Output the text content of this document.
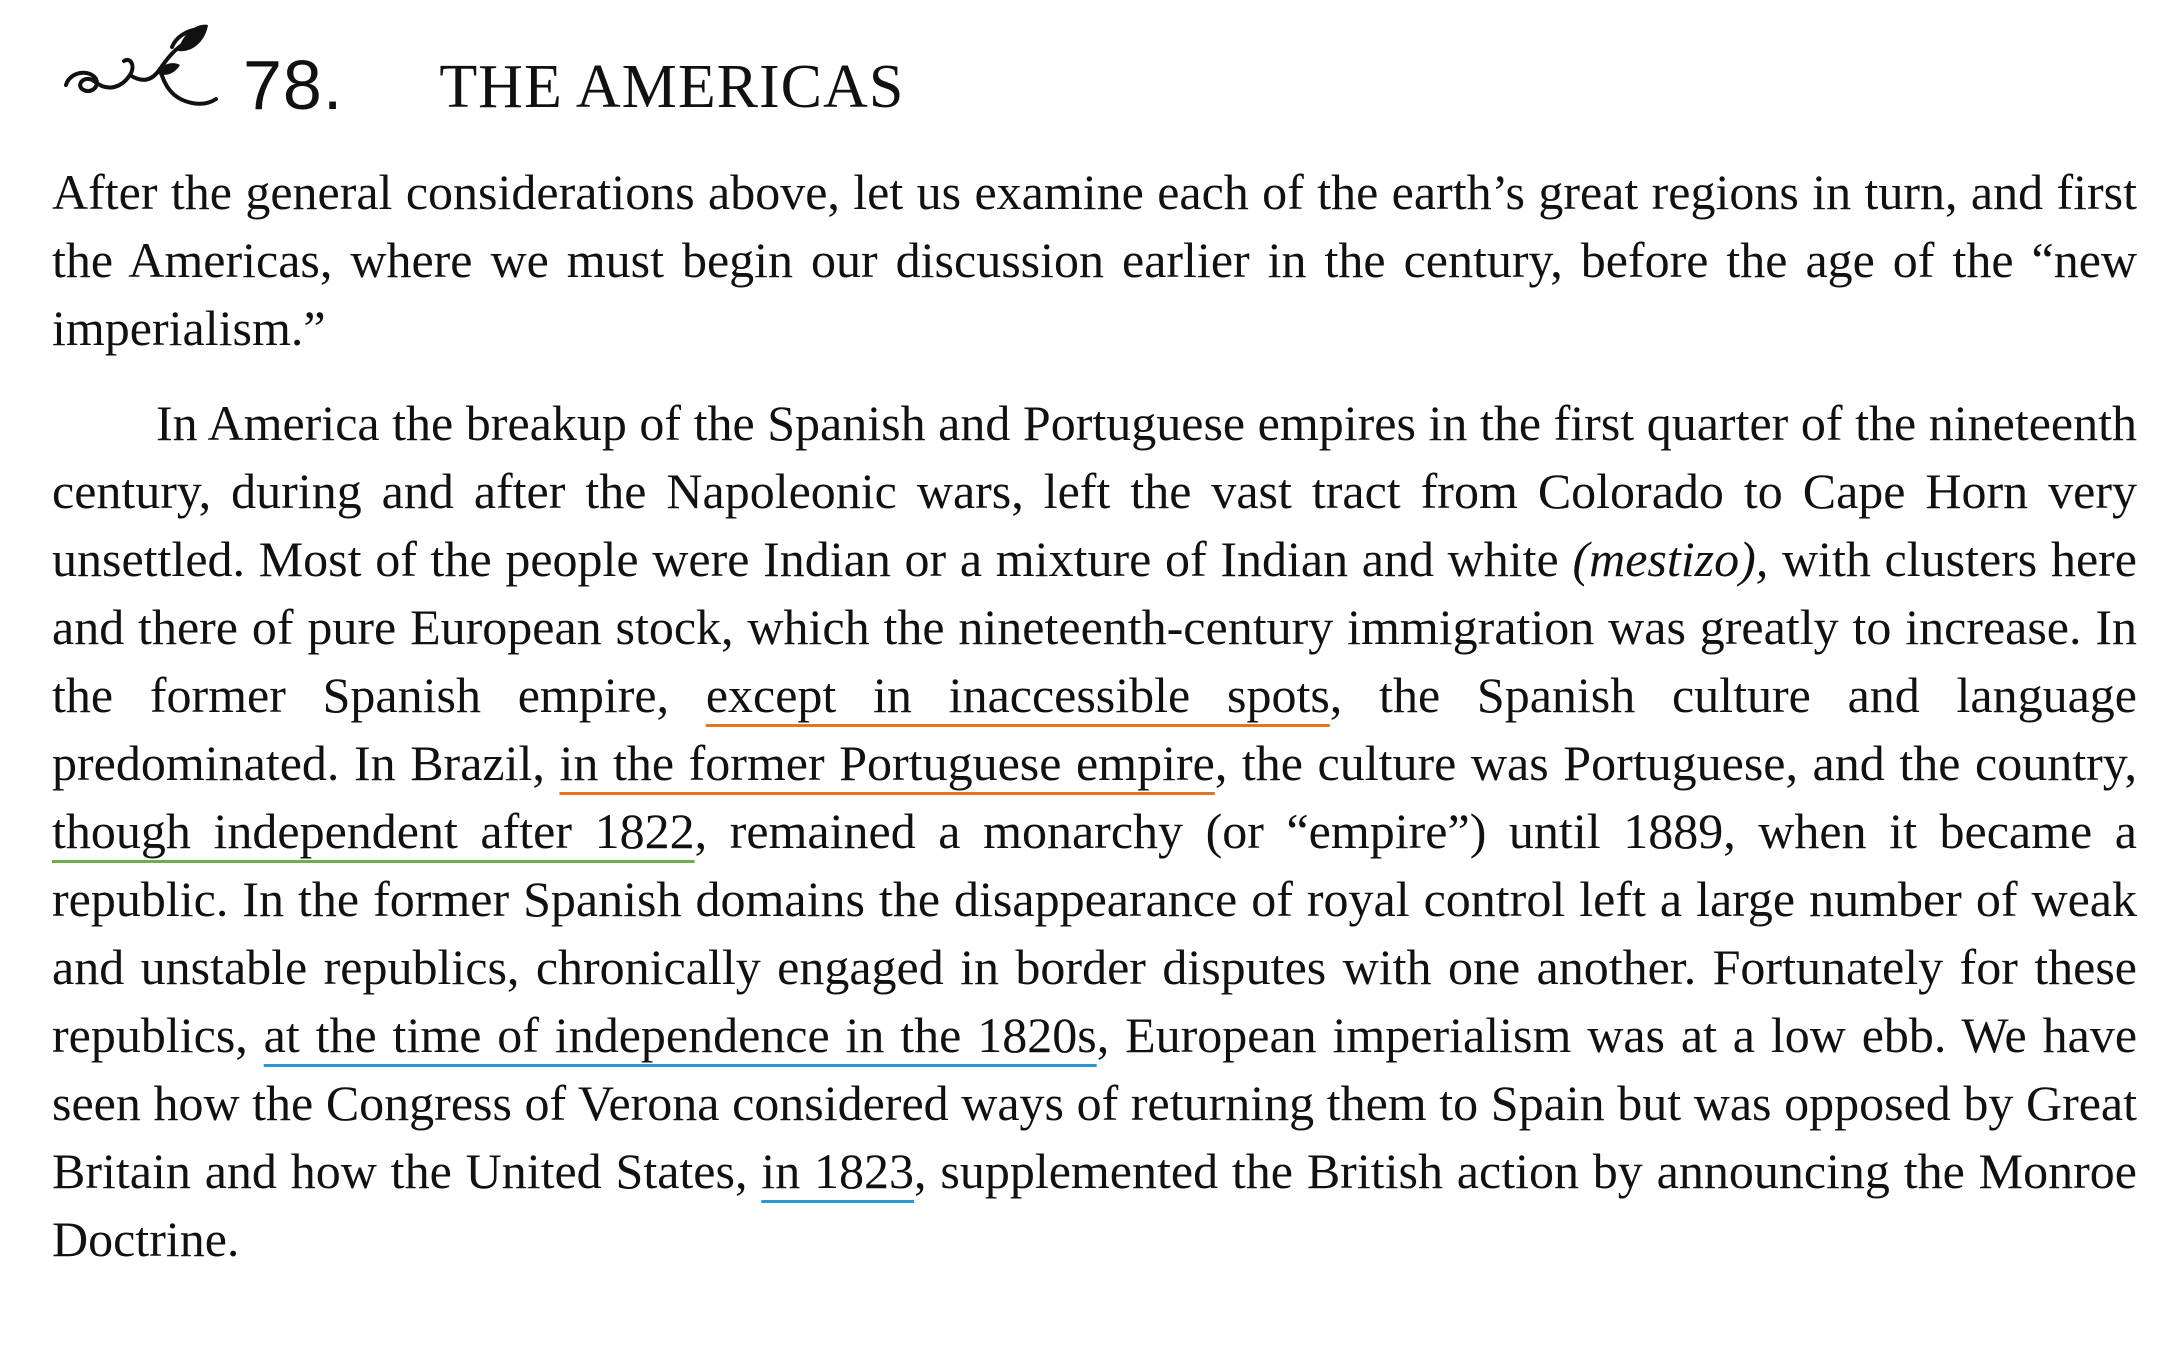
78. THE AMERICAS

After the general considerations above, let us examine each of the earth’s great regions in turn, and first the Americas, where we must begin our discussion earlier in the century, before the age of the “new imperialism.”

In America the breakup of the Spanish and Portuguese empires in the first quarter of the nineteenth century, during and after the Napoleonic wars, left the vast tract from Colorado to Cape Horn very unsettled. Most of the people were Indian or a mixture of Indian and white (mestizo), with clusters here and there of pure European stock, which the nineteenth-century immigration was greatly to increase. In the former Spanish empire, except in inaccessible spots, the Spanish culture and language predominated. In Brazil, in the former Portuguese empire, the culture was Portuguese, and the country, though independent after 1822, remained a monarchy (or “empire”) until 1889, when it became a republic. In the former Spanish domains the disappearance of royal control left a large number of weak and unstable republics, chronically engaged in border disputes with one another. Fortunately for these republics, at the time of independence in the 1820s, European imperialism was at a low ebb. We have seen how the Congress of Verona considered ways of returning them to Spain but was opposed by Great Britain and how the United States, in 1823, supplemented the British action by announcing the Monroe Doctrine.
